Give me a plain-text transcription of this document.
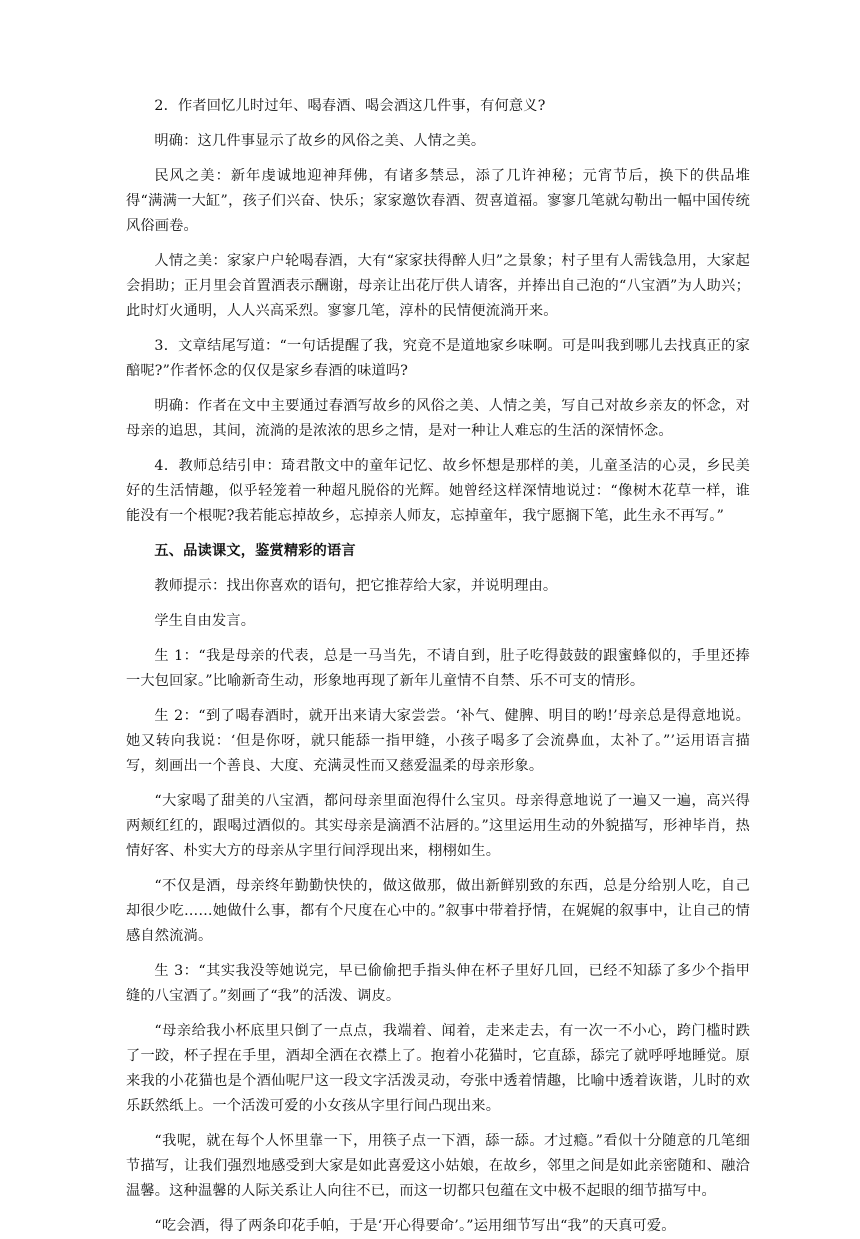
2．作者回忆儿时过年、喝春酒、喝会酒这几件事，有何意义?

明确：这几件事显示了故乡的风俗之美、人情之美。

民风之美：新年虔诚地迎神拜佛，有诸多禁忌，添了几许神秘；元宵节后，换下的供品堆得“满满一大缸”，孩子们兴奋、快乐；家家邀饮春酒、贺喜道福。寥寥几笔就勾勒出一幅中国传统风俗画卷。

人情之美：家家户户轮喝春酒，大有“家家扶得醉人归”之景象；村子里有人需钱急用，大家起会捐助；正月里会首置酒表示酬谢，母亲让出花厅供人请客，并捧出自己泡的“八宝酒”为人助兴；此时灯火通明，人人兴高采烈。寥寥几笔，淳朴的民情便流淌开来。

3．文章结尾写道：“一句话提醒了我，究竟不是道地家乡味啊。可是叫我到哪儿去找真正的家醅呢?”作者怀念的仅仅是家乡春酒的味道吗?

明确：作者在文中主要通过春酒写故乡的风俗之美、人情之美，写自己对故乡亲友的怀念，对母亲的追思，其间，流淌的是浓浓的思乡之情，是对一种让人难忘的生活的深情怀念。

4．教师总结引申：琦君散文中的童年记忆、故乡怀想是那样的美，儿童圣洁的心灵，乡民美好的生活情趣，似乎轻笼着一种超凡脱俗的光辉。她曾经这样深情地说过：“像树木花草一样，谁能没有一个根呢?我若能忘掉故乡，忘掉亲人师友，忘掉童年，我宁愿搁下笔，此生永不再写。”

五、品读课文，鉴赏精彩的语言

教师提示：找出你喜欢的语句，把它推荐给大家，并说明理由。

学生自由发言。

生 1：“我是母亲的代表，总是一马当先，不请自到，肚子吃得鼓鼓的跟蜜蜂似的，手里还捧一大包回家。”比喻新奇生动，形象地再现了新年儿童情不自禁、乐不可支的情形。

生 2：“到了喝春酒时，就开出来请大家尝尝。‘补气、健脾、明目的哟!’母亲总是得意地说。她又转向我说：‘但是你呀，就只能舔一指甲缝，小孩子喝多了会流鼻血，太补了。”’运用语言描写，刻画出一个善良、大度、充满灵性而又慈爱温柔的母亲形象。

“大家喝了甜美的八宝酒，都问母亲里面泡得什么宝贝。母亲得意地说了一遍又一遍，高兴得两颊红红的，跟喝过酒似的。其实母亲是滴酒不沾唇的。”这里运用生动的外貌描写，形神毕肖，热情好客、朴实大方的母亲从字里行间浮现出来，栩栩如生。

“不仅是酒，母亲终年勤勤快快的，做这做那，做出新鲜别致的东西，总是分给别人吃，自己却很少吃……她做什么事，都有个尺度在心中的。”叙事中带着抒情，在娓娓的叙事中，让自己的情感自然流淌。

生 3：“其实我没等她说完，早已偷偷把手指头伸在杯子里好几回，已经不知舔了多少个指甲缝的八宝酒了。”刻画了“我”的活泼、调皮。

“母亲给我小杯底里只倒了一点点，我端着、闻着，走来走去，有一次一不小心，跨门槛时跌了一跤，杯子捏在手里，酒却全洒在衣襟上了。抱着小花猫时，它直舔，舔完了就呼呼地睡觉。原来我的小花猫也是个酒仙呢尸这一段文字活泼灵动，夸张中透着情趣，比喻中透着诙谐，儿时的欢乐跃然纸上。一个活泼可爱的小女孩从字里行间凸现出来。

“我呢，就在每个人怀里靠一下，用筷子点一下酒，舔一舔。才过瘾。”看似十分随意的几笔细节描写，让我们强烈地感受到大家是如此喜爱这小姑娘，在故乡，邻里之间是如此亲密随和、融洽温馨。这种温馨的人际关系让人向往不已，而这一切都只包蕴在文中极不起眼的细节描写中。

“吃会酒，得了两条印花手帕，于是‘开心得要命’。”运用细节写出“我”的天真可爱。
